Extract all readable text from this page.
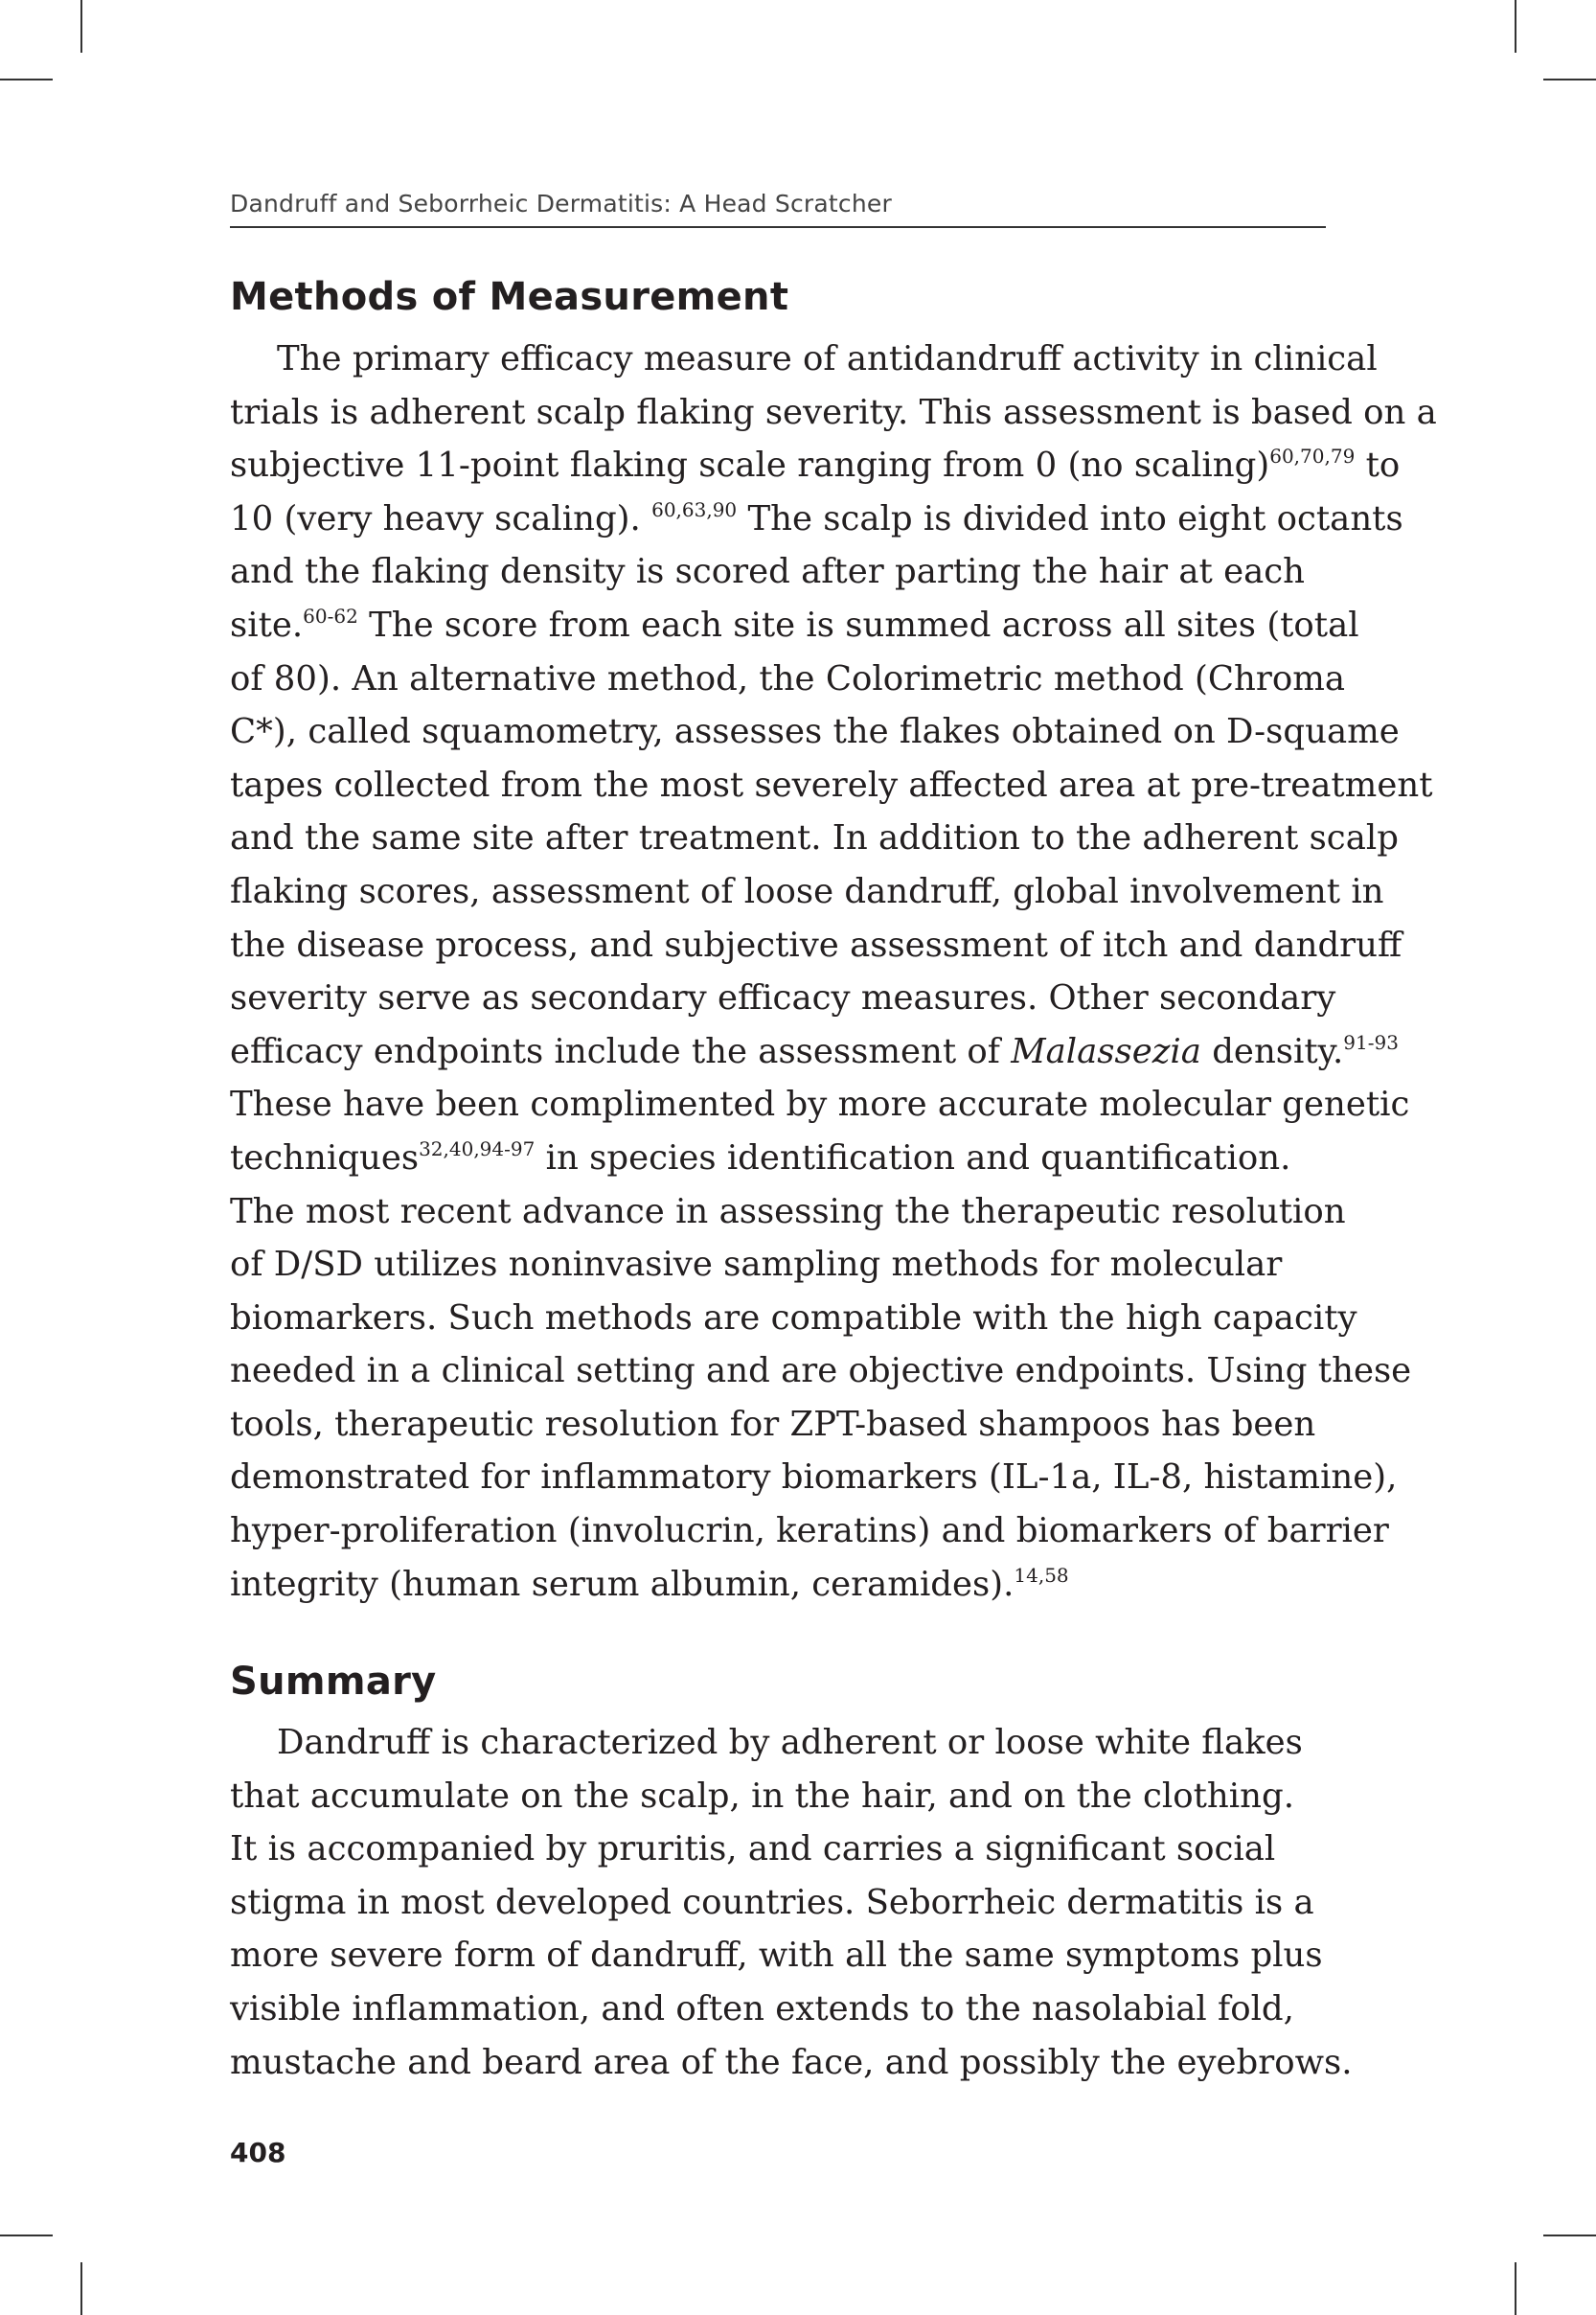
Dandruff and Seborrheic Dermatitis: A Head Scratcher
Methods of Measurement
The primary efficacy measure of antidandruff activity in clinical
trials is adherent scalp flaking severity. This assessment is based on a
subjective 11-point flaking scale ranging from 0 (no scaling)$^{60,70,79}$ to
10 (very heavy scaling). $^{60,63,90}$ The scalp is divided into eight octants
and the flaking density is scored after parting the hair at each
site.$^{60-62}$ The score from each site is summed across all sites (total
of 80). An alternative method, the Colorimetric method (Chroma
C*), called squamometry, assesses the flakes obtained on D-squame
tapes collected from the most severely affected area at pre-treatment
and the same site after treatment. In addition to the adherent scalp
flaking scores, assessment of loose dandruff, global involvement in
the disease process, and subjective assessment of itch and dandruff
severity serve as secondary efficacy measures. Other secondary
efficacy endpoints include the assessment of Malassezia density.$^{91-93}$
These have been complimented by more accurate molecular genetic
techniques$^{32,40,94-97}$ in species identification and quantification.
The most recent advance in assessing the therapeutic resolution
of D/SD utilizes noninvasive sampling methods for molecular
biomarkers. Such methods are compatible with the high capacity
needed in a clinical setting and are objective endpoints. Using these
tools, therapeutic resolution for ZPT-based shampoos has been
demonstrated for inflammatory biomarkers (IL-1a, IL-8, histamine),
hyper-proliferation (involucrin, keratins) and biomarkers of barrier
integrity (human serum albumin, ceramides).$^{14,58}$
Summary
Dandruff is characterized by adherent or loose white flakes
that accumulate on the scalp, in the hair, and on the clothing.
It is accompanied by pruritis, and carries a significant social
stigma in most developed countries. Seborrheic dermatitis is a
more severe form of dandruff, with all the same symptoms plus
visible inflammation, and often extends to the nasolabial fold,
mustache and beard area of the face, and possibly the eyebrows.
408
